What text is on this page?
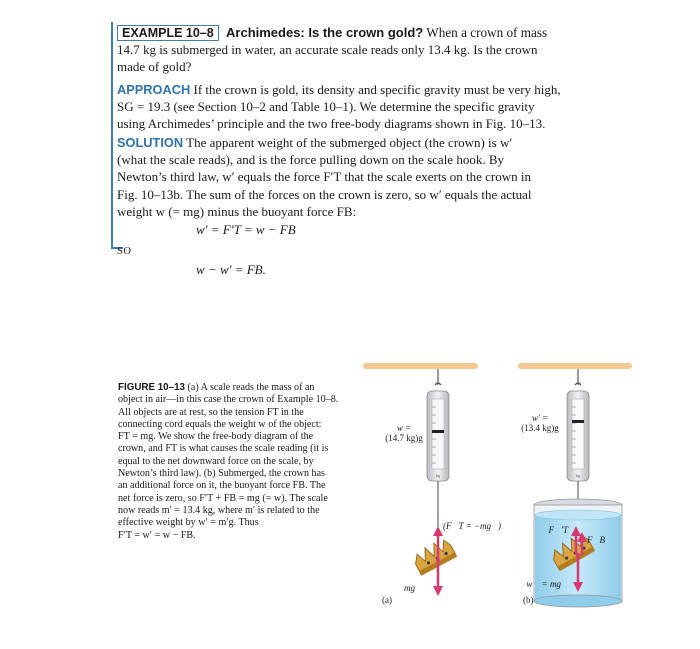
EXAMPLE 10–8 Archimedes: Is the crown gold? When a crown of mass
14.7 kg is submerged in water, an accurate scale reads only 13.4 kg. Is the crown
made of gold?
APPROACH If the crown is gold, its density and specific gravity must be very high,
SG = 19.3 (see Section 10–2 and Table 10–1). We determine the specific gravity
using Archimedes’ principle and the two free-body diagrams shown in Fig. 10–13.
SOLUTION The apparent weight of the submerged object (the crown) is w′
(what the scale reads), and is the force pulling down on the scale hook. By
Newton’s third law, w′ equals the force F′T that the scale exerts on the crown in
Fig. 10–13b. The sum of the forces on the crown is zero, so w′ equals the actual
weight w (= mg) minus the buoyant force FB:
w′ = F′T = w − FB
SO
w − w′ = FB.
FIGURE 10–13 (a) A scale reads the mass of an
object in air—in this case the crown of Example 10–8.
All objects are at rest, so the tension FT in the
connecting cord equals the weight w of the object:
FT = mg. We show the free-body diagram of the
crown, and FT is what causes the scale reading (it is
equal to the net downward force on the scale, by
Newton’s third law). (b) Submerged, the crown has
an additional force on it, the buoyant force FB. The
net force is zero, so F′T + FB = mg (= w). The scale
now reads m′ = 13.4 kg, where m′ is related to the
effective weight by w′ = m′g. Thus
F′T = w′ = w − FB.
kg
w =
(14.7 kg)g
(F⃗T = −mg⃗)
mg⃗
(a)
kg
w′ =
(13.4 kg)g
F⃗′T
F⃗B
w⃗ = mg⃗
(b)
